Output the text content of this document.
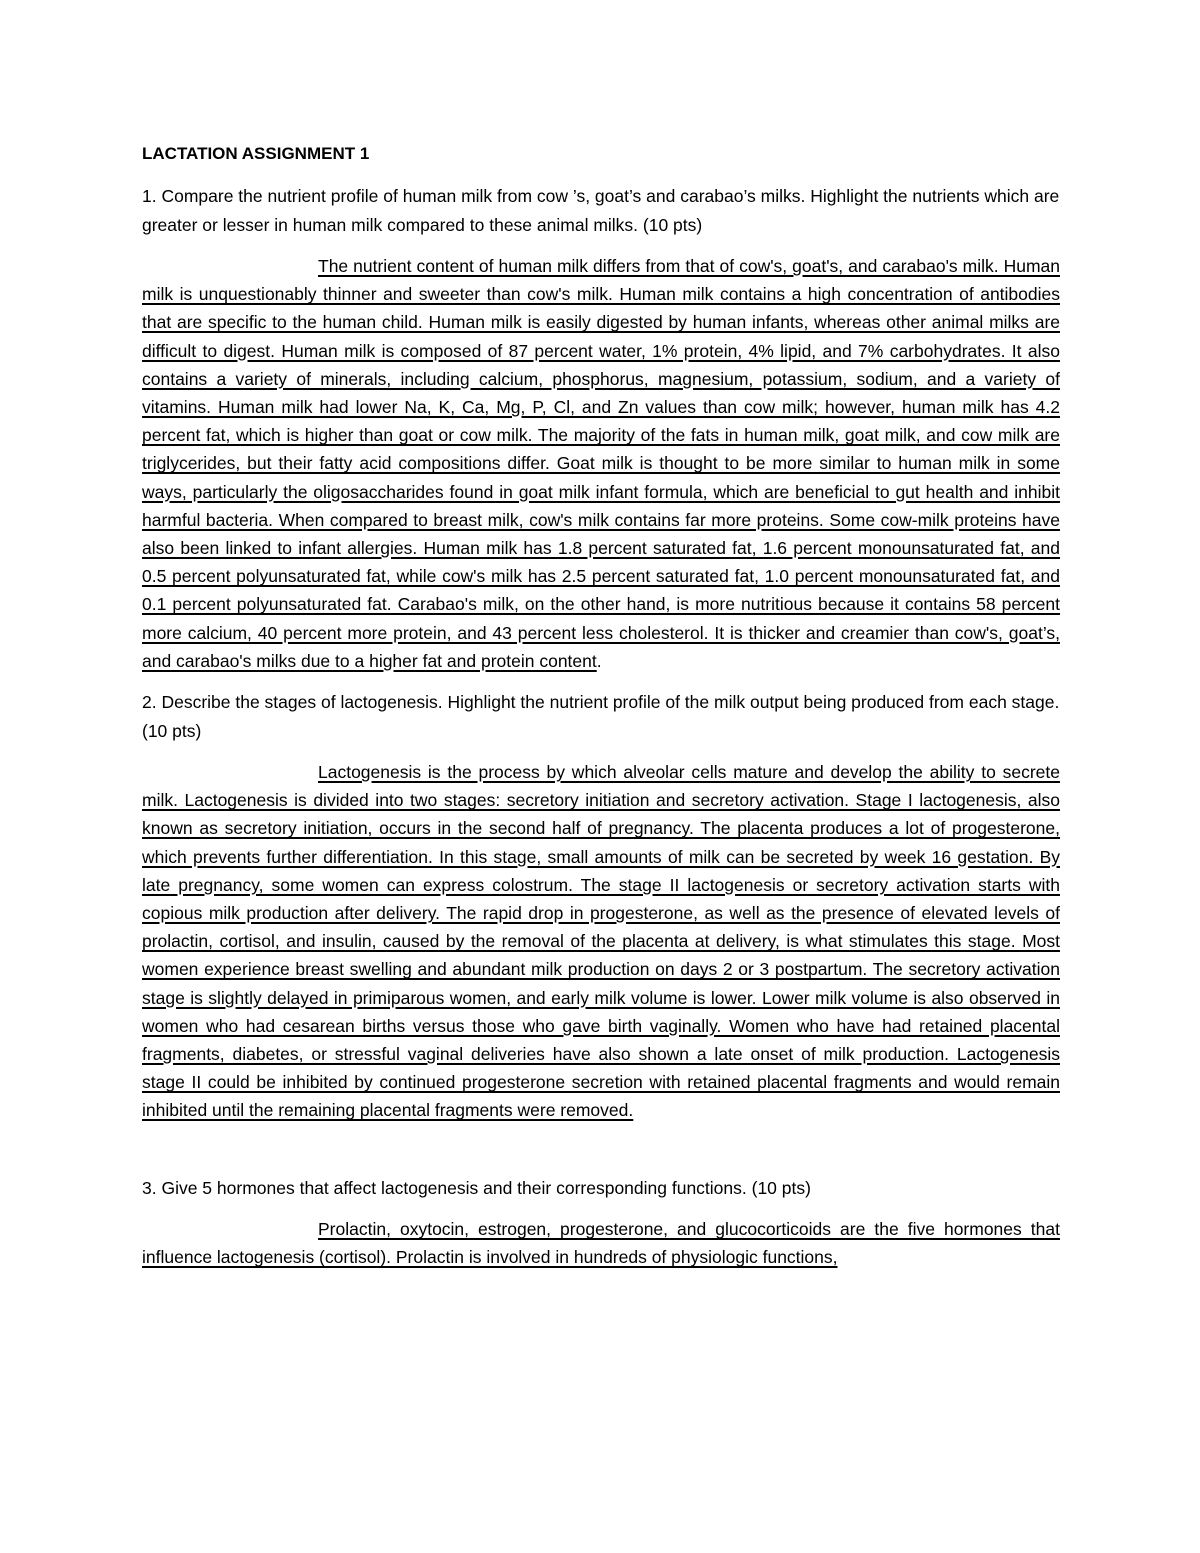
LACTATION ASSIGNMENT 1
1. Compare the nutrient profile of human milk from cow ’s, goat’s and carabao’s milks. Highlight the nutrients which are greater or lesser in human milk compared to these animal milks. (10 pts)
The nutrient content of human milk differs from that of cow's, goat's, and carabao's milk. Human milk is unquestionably thinner and sweeter than cow's milk. Human milk contains a high concentration of antibodies that are specific to the human child. Human milk is easily digested by human infants, whereas other animal milks are difficult to digest. Human milk is composed of 87 percent water, 1% protein, 4% lipid, and 7% carbohydrates. It also contains a variety of minerals, including calcium, phosphorus, magnesium, potassium, sodium, and a variety of vitamins. Human milk had lower Na, K, Ca, Mg, P, Cl, and Zn values than cow milk; however, human milk has 4.2 percent fat, which is higher than goat or cow milk. The majority of the fats in human milk, goat milk, and cow milk are triglycerides, but their fatty acid compositions differ. Goat milk is thought to be more similar to human milk in some ways, particularly the oligosaccharides found in goat milk infant formula, which are beneficial to gut health and inhibit harmful bacteria. When compared to breast milk, cow's milk contains far more proteins. Some cow-milk proteins have also been linked to infant allergies. Human milk has 1.8 percent saturated fat, 1.6 percent monounsaturated fat, and 0.5 percent polyunsaturated fat, while cow's milk has 2.5 percent saturated fat, 1.0 percent monounsaturated fat, and 0.1 percent polyunsaturated fat. Carabao's milk, on the other hand, is more nutritious because it contains 58 percent more calcium, 40 percent more protein, and 43 percent less cholesterol. It is thicker and creamier than cow's, goat’s, and carabao's milks due to a higher fat and protein content.
2. Describe the stages of lactogenesis. Highlight the nutrient profile of the milk output being produced from each stage. (10 pts)
Lactogenesis is the process by which alveolar cells mature and develop the ability to secrete milk. Lactogenesis is divided into two stages: secretory initiation and secretory activation. Stage I lactogenesis, also known as secretory initiation, occurs in the second half of pregnancy. The placenta produces a lot of progesterone, which prevents further differentiation. In this stage, small amounts of milk can be secreted by week 16 gestation. By late pregnancy, some women can express colostrum. The stage II lactogenesis or secretory activation starts with copious milk production after delivery. The rapid drop in progesterone, as well as the presence of elevated levels of prolactin, cortisol, and insulin, caused by the removal of the placenta at delivery, is what stimulates this stage. Most women experience breast swelling and abundant milk production on days 2 or 3 postpartum. The secretory activation stage is slightly delayed in primiparous women, and early milk volume is lower. Lower milk volume is also observed in women who had cesarean births versus those who gave birth vaginally. Women who have had retained placental fragments, diabetes, or stressful vaginal deliveries have also shown a late onset of milk production. Lactogenesis stage II could be inhibited by continued progesterone secretion with retained placental fragments and would remain inhibited until the remaining placental fragments were removed.
3. Give 5 hormones that affect lactogenesis and their corresponding functions. (10 pts)
Prolactin, oxytocin, estrogen, progesterone, and glucocorticoids are the five hormones that influence lactogenesis (cortisol). Prolactin is involved in hundreds of physiologic functions,
